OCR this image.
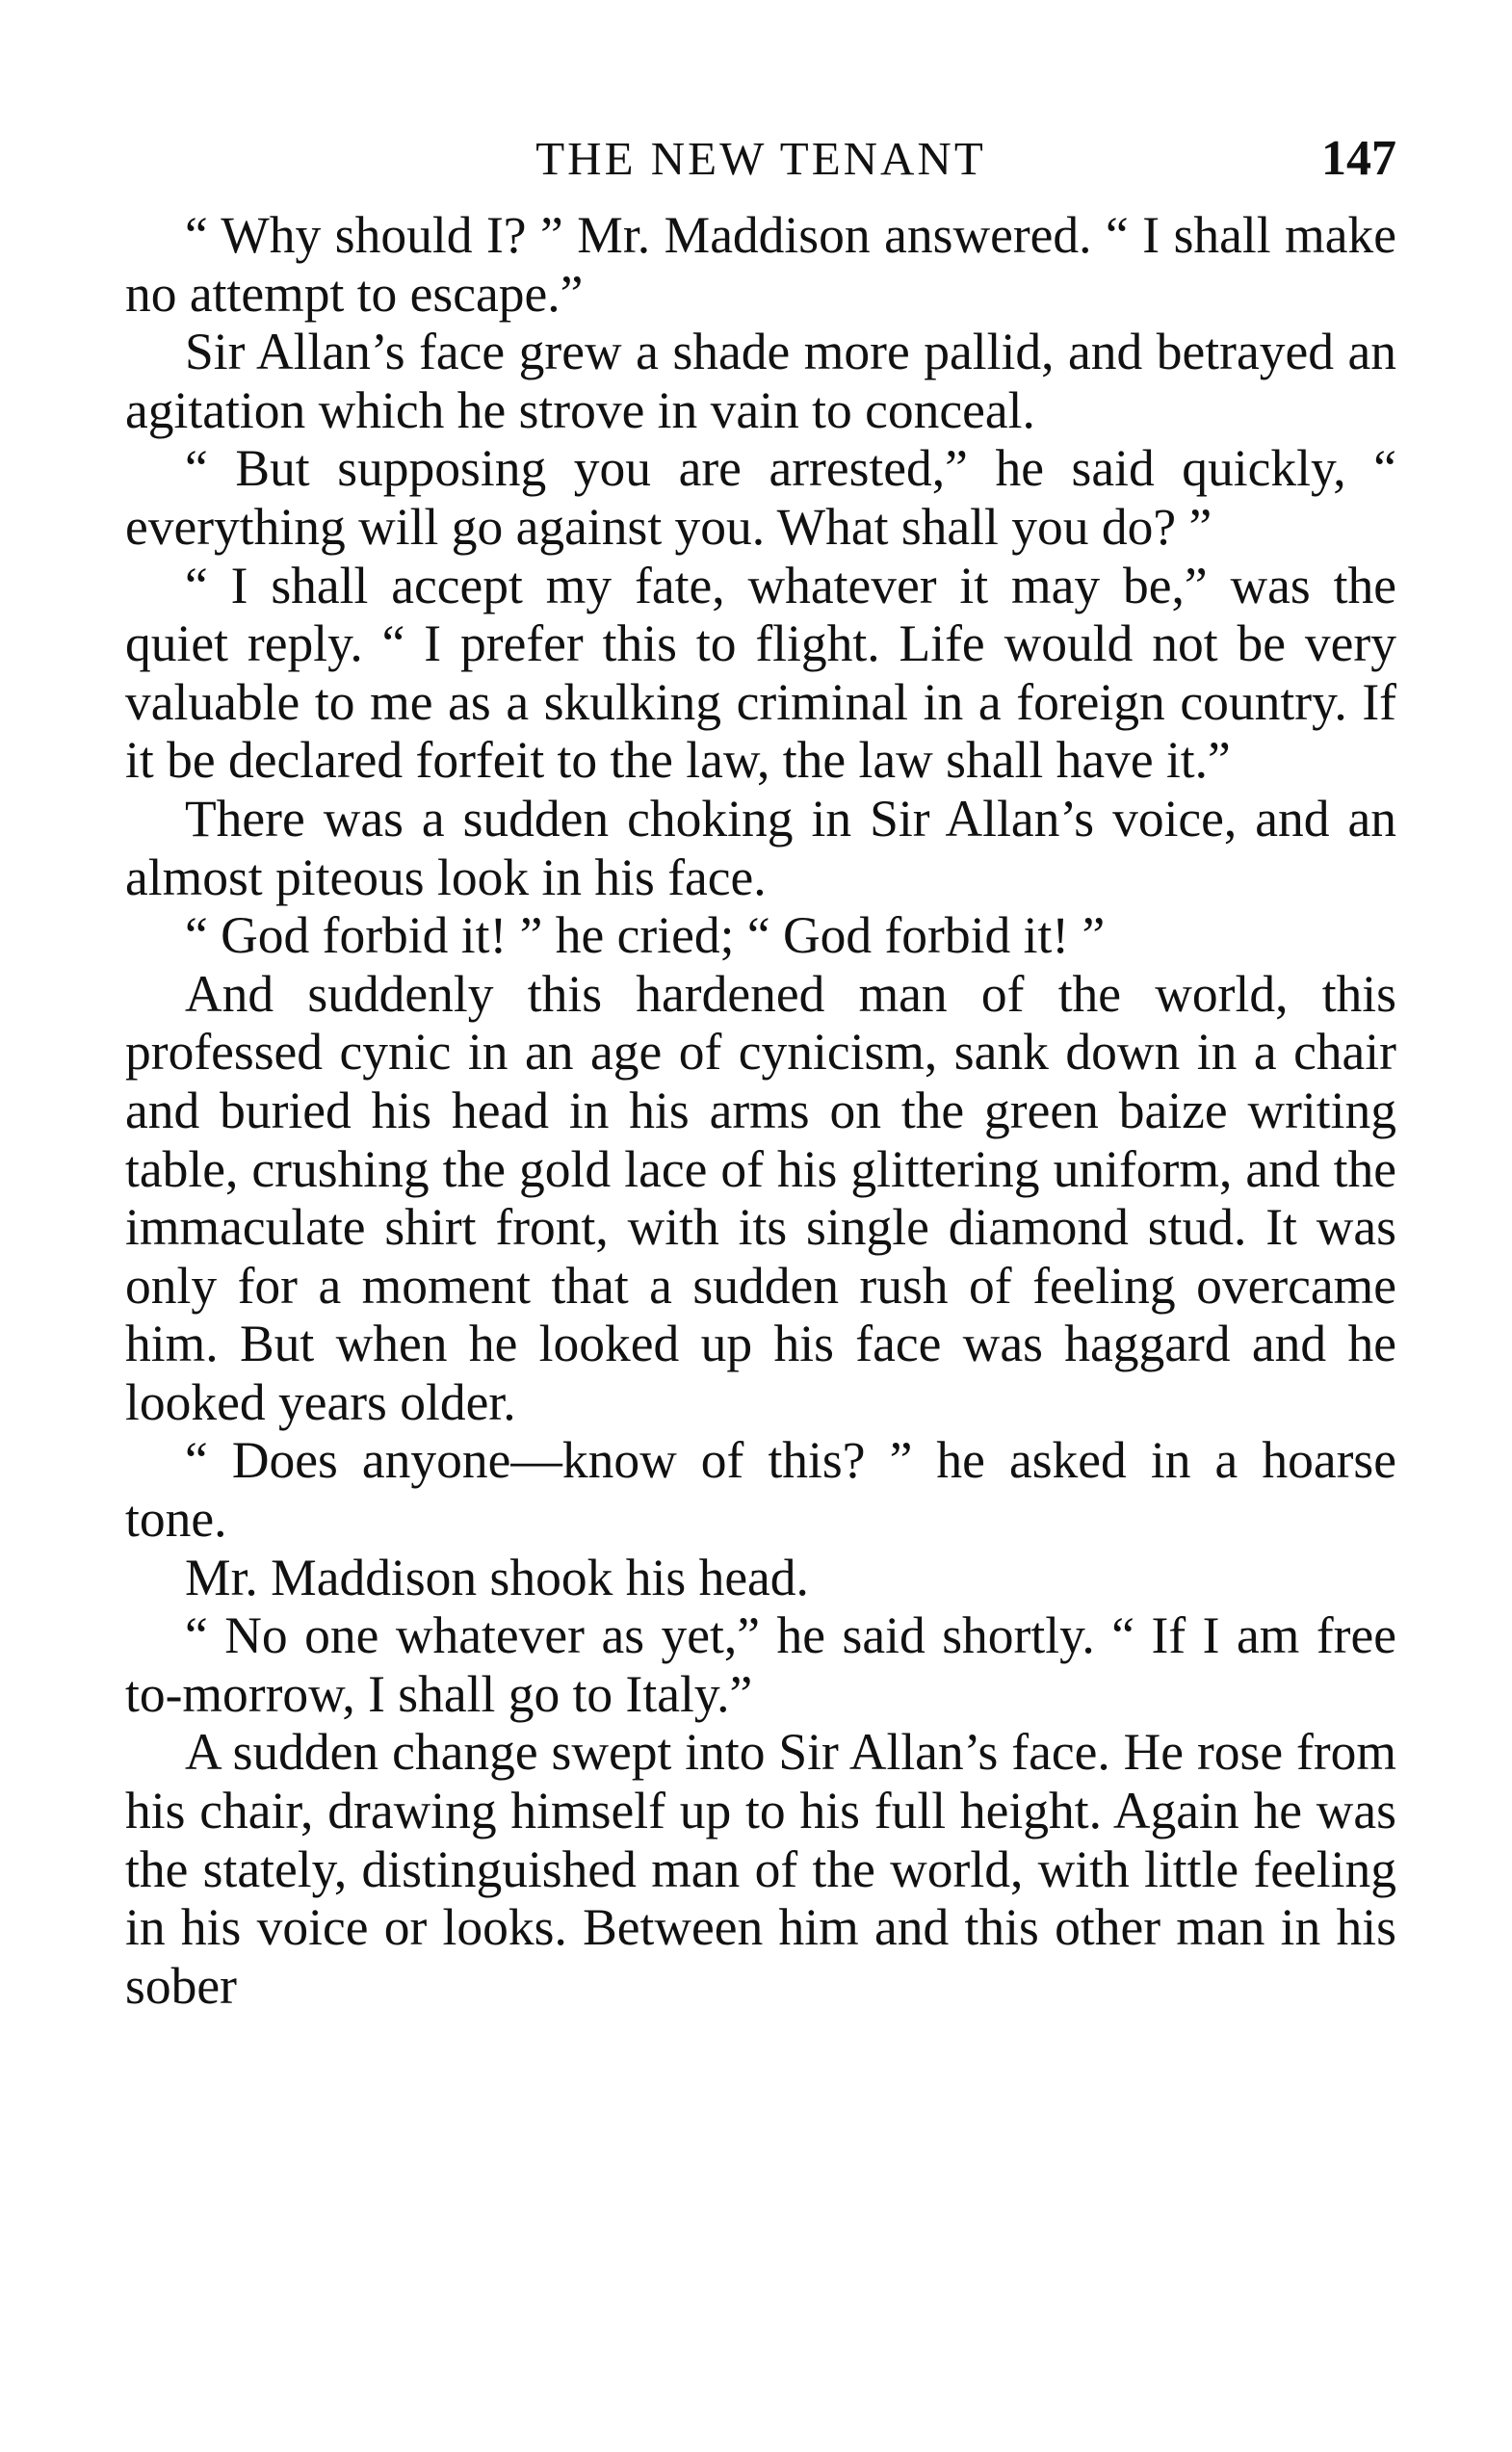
THE NEW TENANT	147

“ Why should I? ” Mr. Maddison answered. “ I shall make no attempt to escape.”

Sir Allan’s face grew a shade more pallid, and betrayed an agitation which he strove in vain to conceal.

“ But supposing you are arrested,” he said quickly, “ everything will go against you. What shall you do? ”

“ I shall accept my fate, whatever it may be,” was the quiet reply. “ I prefer this to flight. Life would not be very valuable to me as a skulking criminal in a foreign country. If it be declared forfeit to the law, the law shall have it.”

There was a sudden choking in Sir Allan’s voice, and an almost piteous look in his face.

“ God forbid it! ” he cried; “ God forbid it! ”

And suddenly this hardened man of the world, this professed cynic in an age of cynicism, sank down in a chair and buried his head in his arms on the green baize writing table, crushing the gold lace of his glittering uniform, and the immaculate shirt front, with its single diamond stud. It was only for a moment that a sudden rush of feeling overcame him. But when he looked up his face was haggard and he looked years older.

“ Does anyone—know of this? ” he asked in a hoarse tone.

Mr. Maddison shook his head.

“ No one whatever as yet,” he said shortly. “ If I am free to-morrow, I shall go to Italy.”

A sudden change swept into Sir Allan’s face. He rose from his chair, drawing himself up to his full height. Again he was the stately, distinguished man of the world, with little feeling in his voice or looks. Between him and this other man in his sober
